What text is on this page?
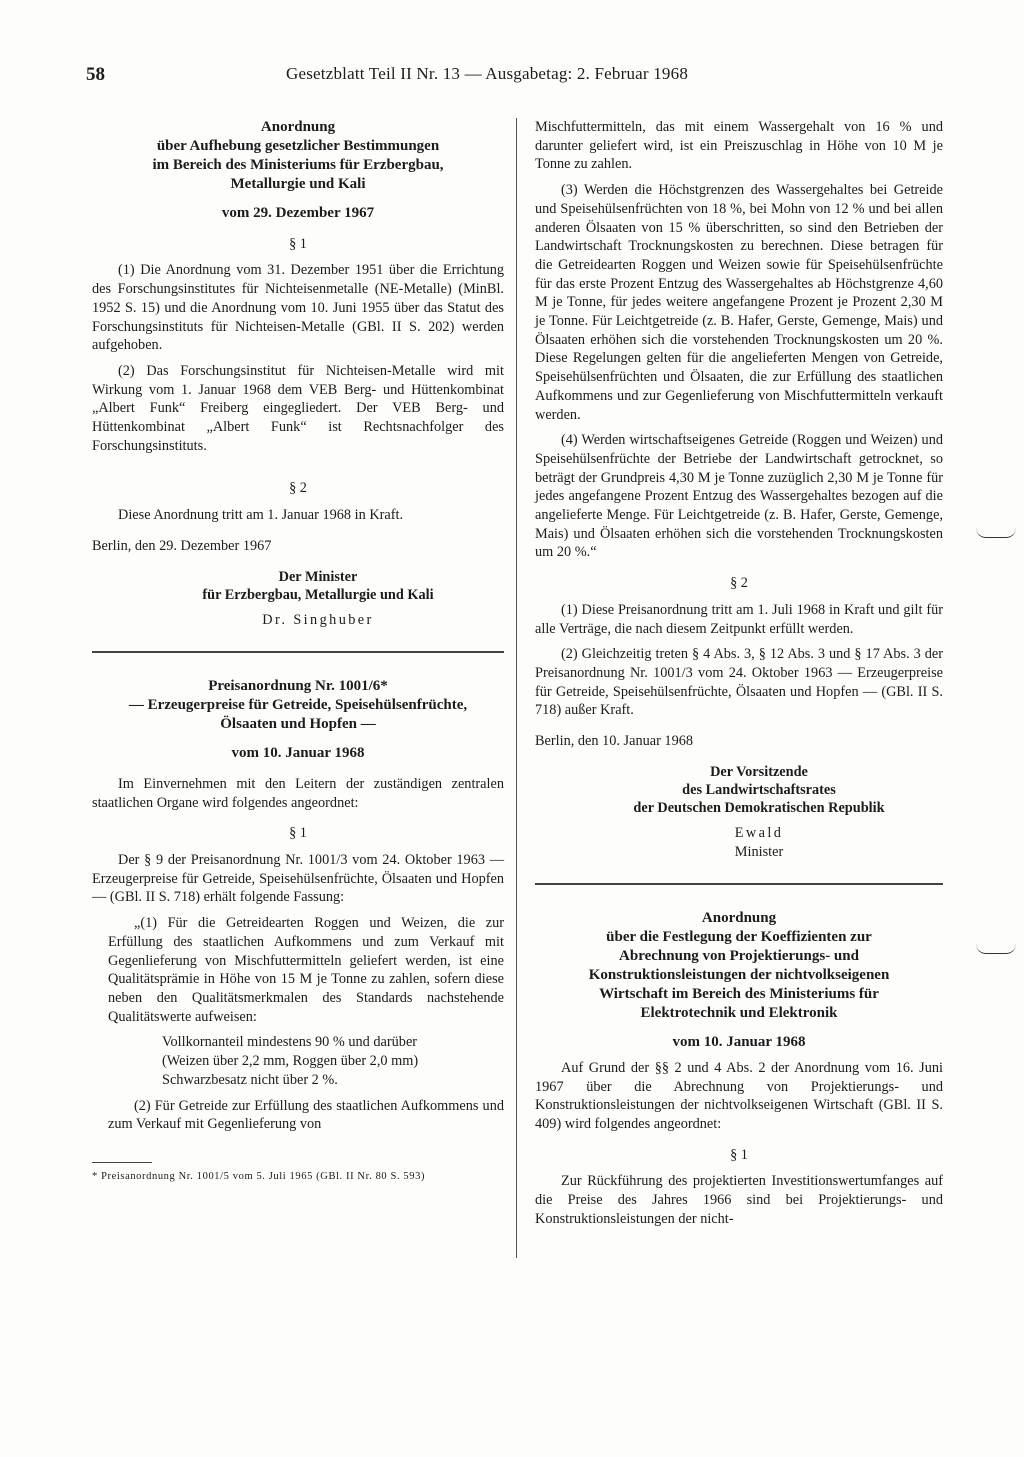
58	Gesetzblatt Teil II Nr. 13 — Ausgabetag: 2. Februar 1968
Anordnung
über Aufhebung gesetzlicher Bestimmungen
im Bereich des Ministeriums für Erzbergbau,
Metallurgie und Kali
vom 29. Dezember 1967
§ 1

(1) Die Anordnung vom 31. Dezember 1951 über die Errichtung des Forschungsinstitutes für Nichteisenmetalle (NE-Metalle) (MinBl. 1952 S. 15) und die Anordnung vom 10. Juni 1955 über das Statut des Forschungsinstituts für Nichteisen-Metalle (GBl. II S. 202) werden aufgehoben.

(2) Das Forschungsinstitut für Nichteisen-Metalle wird mit Wirkung vom 1. Januar 1968 dem VEB Berg- und Hüttenkombinat „Albert Funk“ Freiberg eingegliedert. Der VEB Berg- und Hüttenkombinat „Albert Funk“ ist Rechtsnachfolger des Forschungsinstituts.

§ 2

Diese Anordnung tritt am 1. Januar 1968 in Kraft.

Berlin, den 29. Dezember 1967

Der Minister
für Erzbergbau, Metallurgie und Kali
Dr. Singhuber
Preisanordnung Nr. 1001/6*
— Erzeugerpreise für Getreide, Speisehülsenfrüchte,
Ölsaaten und Hopfen —
vom 10. Januar 1968

Im Einvernehmen mit den Leitern der zuständigen zentralen staatlichen Organe wird folgendes angeordnet:

§ 1

Der § 9 der Preisanordnung Nr. 1001/3 vom 24. Oktober 1963 — Erzeugerpreise für Getreide, Speisehülsenfrüchte, Ölsaaten und Hopfen — (GBl. II S. 718) erhält folgende Fassung:

„(1) Für die Getreidearten Roggen und Weizen, die zur Erfüllung des staatlichen Aufkommens und zum Verkauf mit Gegenlieferung von Mischfuttermitteln geliefert werden, ist eine Qualitätsprämie in Höhe von 15 M je Tonne zu zahlen, sofern diese neben den Qualitätsmerkmalen des Standards nachstehende Qualitätswerte aufweisen:

Vollkornanteil mindestens 90 % und darüber
(Weizen über 2,2 mm, Roggen über 2,0 mm)
Schwarzbesatz nicht über 2 %.

(2) Für Getreide zur Erfüllung des staatlichen Aufkommens und zum Verkauf mit Gegenlieferung von

* Preisanordnung Nr. 1001/5 vom 5. Juli 1965 (GBl. II Nr. 80 S. 593)

Mischfuttermitteln, das mit einem Wassergehalt von 16 % und darunter geliefert wird, ist ein Preiszuschlag in Höhe von 10 M je Tonne zu zahlen.

(3) Werden die Höchstgrenzen des Wassergehaltes bei Getreide und Speisehülsenfrüchten von 18 %, bei Mohn von 12 % und bei allen anderen Ölsaaten von 15 % überschritten, so sind den Betrieben der Landwirtschaft Trocknungskosten zu berechnen. Diese betragen für die Getreidearten Roggen und Weizen sowie für Speisehülsenfrüchte für das erste Prozent Entzug des Wassergehaltes ab Höchstgrenze 4,60 M je Tonne, für jedes weitere angefangene Prozent je Prozent 2,30 M je Tonne. Für Leichtgetreide (z. B. Hafer, Gerste, Gemenge, Mais) und Ölsaaten erhöhen sich die vorstehenden Trocknungskosten um 20 %. Diese Regelungen gelten für die angelieferten Mengen von Getreide, Speisehülsenfrüchten und Ölsaaten, die zur Erfüllung des staatlichen Aufkommens und zur Gegenlieferung von Mischfuttermitteln verkauft werden.

(4) Werden wirtschaftseigenes Getreide (Roggen und Weizen) und Speisehülsenfrüchte der Betriebe der Landwirtschaft getrocknet, so beträgt der Grundpreis 4,30 M je Tonne zuzüglich 2,30 M je Tonne für jedes angefangene Prozent Entzug des Wassergehaltes bezogen auf die angelieferte Menge. Für Leichtgetreide (z. B. Hafer, Gerste, Gemenge, Mais) und Ölsaaten erhöhen sich die vorstehenden Trocknungskosten um 20 %.“

§ 2

(1) Diese Preisanordnung tritt am 1. Juli 1968 in Kraft und gilt für alle Verträge, die nach diesem Zeitpunkt erfüllt werden.

(2) Gleichzeitig treten § 4 Abs. 3, § 12 Abs. 3 und § 17 Abs. 3 der Preisanordnung Nr. 1001/3 vom 24. Oktober 1963 — Erzeugerpreise für Getreide, Speisehülsenfrüchte, Ölsaaten und Hopfen — (GBl. II S. 718) außer Kraft.

Berlin, den 10. Januar 1968

Der Vorsitzende
des Landwirtschaftsrates
der Deutschen Demokratischen Republik
Ewald
Minister
Anordnung
über die Festlegung der Koeffizienten zur
Abrechnung von Projektierungs- und
Konstruktionsleistungen der nichtvolkseigenen
Wirtschaft im Bereich des Ministeriums für
Elektrotechnik und Elektronik
vom 10. Januar 1968

Auf Grund der §§ 2 und 4 Abs. 2 der Anordnung vom 16. Juni 1967 über die Abrechnung von Projektierungs- und Konstruktionsleistungen der nichtvolkseigenen Wirtschaft (GBl. II S. 409) wird folgendes angeordnet:

§ 1

Zur Rückführung des projektierten Investitionswertumfanges auf die Preise des Jahres 1966 sind bei Projektierungs- und Konstruktionsleistungen der nicht-
